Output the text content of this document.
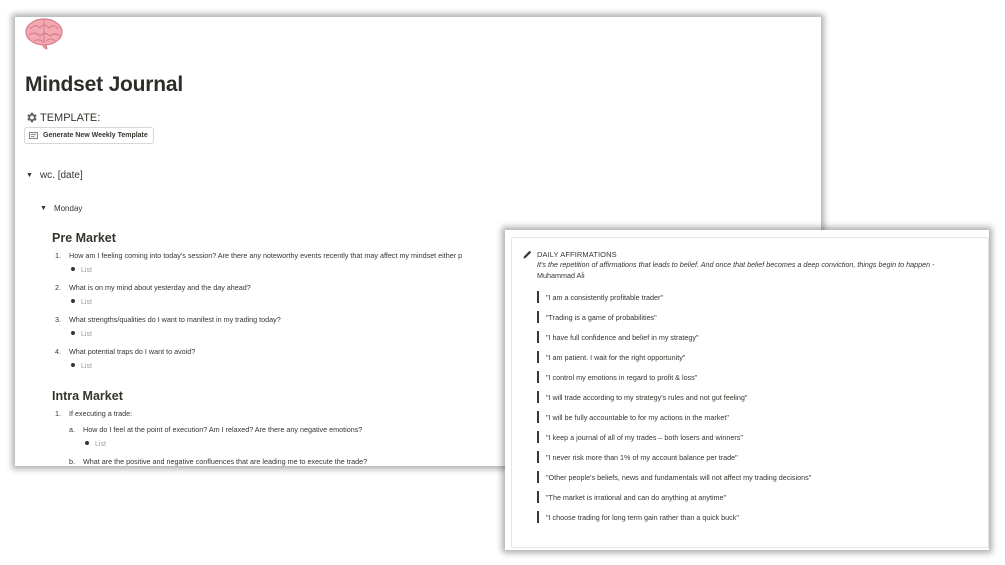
Mindset Journal
TEMPLATE:
Generate New Weekly Template
▼ wc. [date]
▼ Monday
Pre Market
1. How am I feeling coming into today's session? Are there any noteworthy events recently that may affect my mindset either p
List
2. What is on my mind about yesterday and the day ahead?
List
3. What strengths/qualities do I want to manifest in my trading today?
List
4. What potential traps do I want to avoid?
List
Intra Market
1. If executing a trade:
a. How do I feel at the point of execution? Am I relaxed? Are there any negative emotions?
List
b. What are the positive and negative confluences that are leading me to execute the trade?
DAILY AFFIRMATIONS
It's the repetition of affirmations that leads to belief. And once that belief becomes a deep conviction, things begin to happen -
Muhammad Ali
"I am a consistently profitable trader"
"Trading is a game of probabilities"
"I have full confidence and belief in my strategy"
"I am patient. I wait for the right opportunity"
"I control my emotions in regard to profit & loss"
"I will trade according to my strategy's rules and not gut feeling"
"I will be fully accountable to for my actions in the market"
"I keep a journal of all of my trades – both losers and winners"
"I never risk more than 1% of my account balance per trade"
"Other people's beliefs, news and fundamentals will not affect my trading decisions"
"The market is irrational and can do anything at anytime"
"I choose trading for long term gain rather than a quick buck"
